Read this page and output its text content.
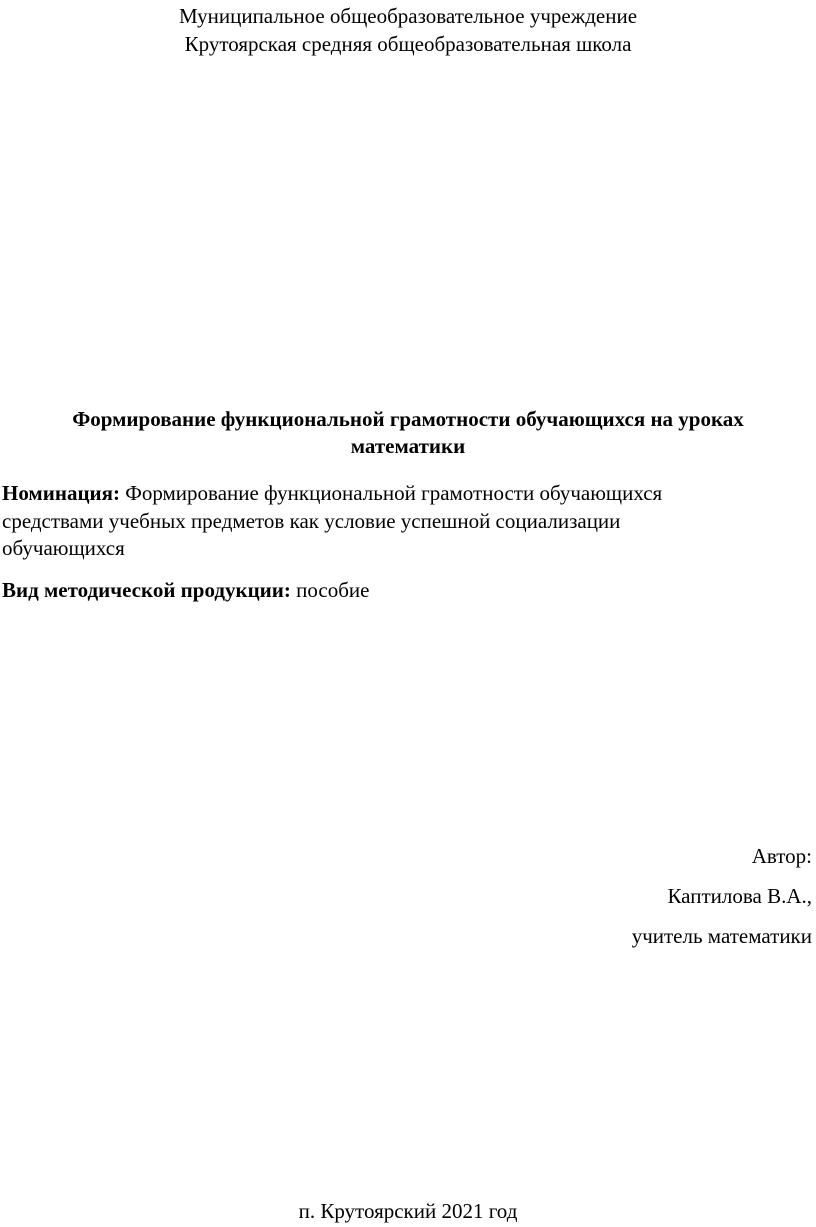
Муниципальное общеобразовательное учреждение
Крутоярская средняя общеобразовательная школа
Формирование функциональной грамотности обучающихся на уроках
математики
Номинация: Формирование функциональной грамотности обучающихся
средствами учебных предметов как условие успешной социализации
обучающихся
Вид методической продукции: пособие
Автор:
Каптилова В.А.,
учитель математики
п. Крутоярский 2021 год
